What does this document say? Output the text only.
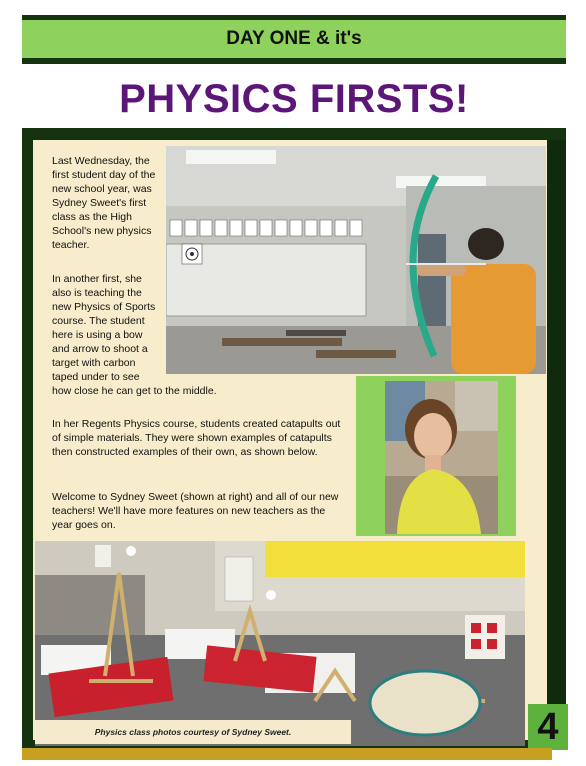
DAY ONE & it's
PHYSICS FIRSTS!

Last Wednesday, the first student day of the new school year, was Sydney Sweet's first class as the High School's new physics teacher.

In another first, she
also is teaching the
new Physics of Sports
course. The student
here is using a bow
and arrow to shoot a
target with carbon
taped under to see
how close he can get to the middle.

In her Regents Physics course, students created catapults out of simple materials. They were shown examples of catapults then constructed examples of their own, as shown below.

Welcome to Sydney Sweet (shown at right) and all of our new teachers! We'll have more features on new teachers as the year goes on.

Physics class photos courtesy of Sydney Sweet.	4
